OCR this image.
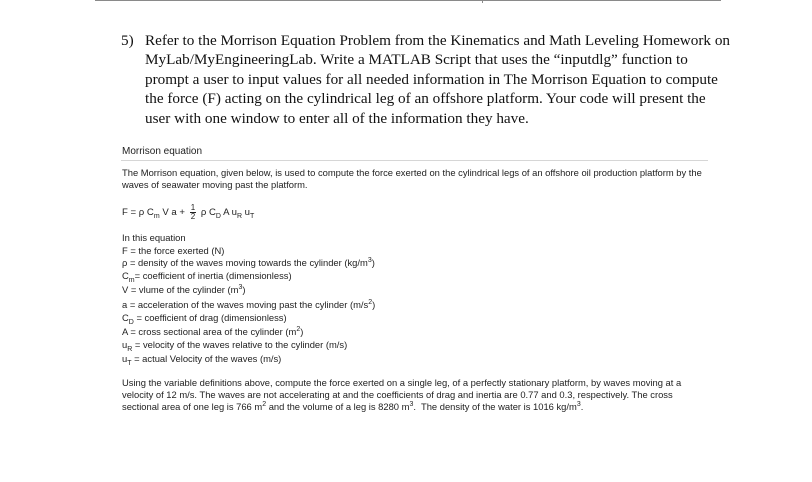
5) Refer to the Morrison Equation Problem from the Kinematics and Math Leveling Homework on MyLab/MyEngineeringLab. Write a MATLAB Script that uses the “inputdlg” function to prompt a user to input values for all needed information in The Morrison Equation to compute the force (F) acting on the cylindrical leg of an offshore platform. Your code will present the user with one window to enter all of the information they have.
Morrison equation
The Morrison equation, given below, is used to compute the force exerted on the cylindrical legs of an offshore oil production platform by the waves of seawater moving past the platform.
F = ρ $C_m$ V $a + \frac{1}{2}$ ρ $C_D$ A $u_R$ $u_T$
In this equation
F = the force exerted (N)
ρ = density of the waves moving towards the cylinder $(kg/m^3)$
$C_m=$ coefficient of inertia (dimensionless)
V = vlume of the cylinder $(m^3)$
a = acceleration of the waves moving past the cylinder $(m/s^2)$
$C_D$ = coefficient of drag (dimensionless)
A = cross sectional area of the cylinder $(m^2)$
$u_R$ = velocity of the waves relative to the cylinder (m/s)
$u_T$ = actual Velocity of the waves (m/s)
Using the variable definitions above, compute the force exerted on a single leg, of a perfectly stationary platform, by waves moving at a velocity of 12 m/s. The waves are not accelerating at and the coefficients of drag and inertia are 0.77 and 0.3, respectively. The cross sectional area of one leg is 766 $m^2$ and the volume of a leg is 8280 $m^3$.  The density of the water is 1016 $kg/m^3$.
